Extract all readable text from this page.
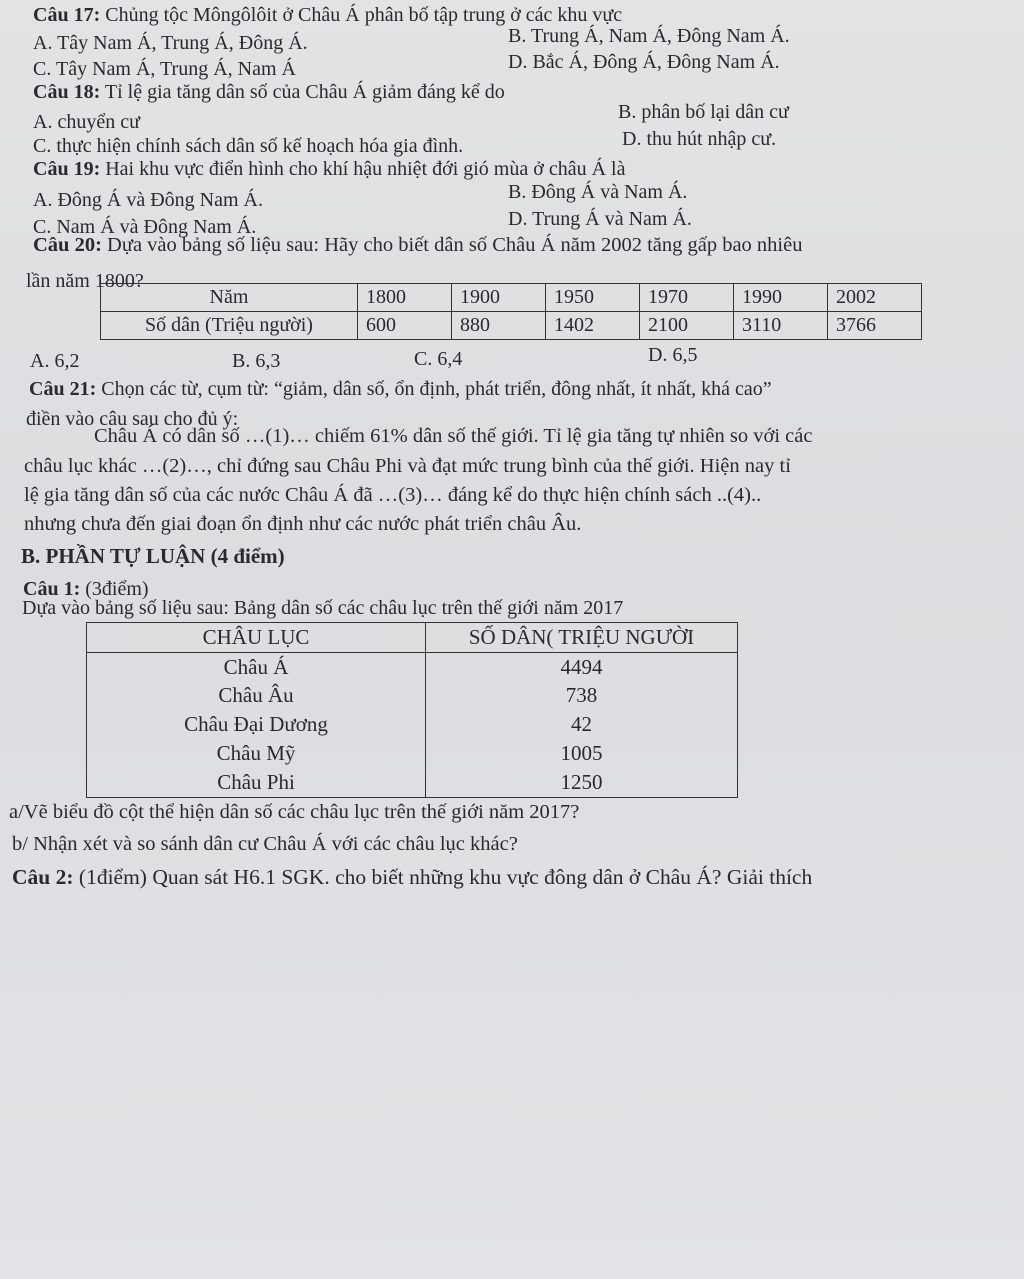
Câu 17: Chủng tộc Môngôlôit ở Châu Á phân bố tập trung ở các khu vực
A. Tây Nam Á, Trung Á, Đông Á.	B. Trung Á, Nam Á, Đông Nam Á.
C. Tây Nam Á, Trung Á, Nam Á	D. Bắc Á, Đông Á, Đông Nam Á.
Câu 18: Tỉ lệ gia tăng dân số của Châu Á giảm đáng kể do
A. chuyển cư	B. phân bố lại dân cư
C. thực hiện chính sách dân số kế hoạch hóa gia đình.	D. thu hút nhập cư.
Câu 19: Hai khu vực điển hình cho khí hậu nhiệt đới gió mùa ở châu Á là
A. Đông Á và Đông Nam Á.	B. Đông Á và Nam Á.
C. Nam Á và Đông Nam Á.	D. Trung Á và Nam Á.
Câu 20: Dựa vào bảng số liệu sau: Hãy cho biết dân số Châu Á năm 2002 tăng gấp bao nhiêu
lần năm 1800?
Năm	1800	1900	1950	1970	1990	2002
Số dân (Triệu người)	600	880	1402	2100	3110	3766
A. 6,2	B. 6,3	C. 6,4	D. 6,5
Câu 21: Chọn các từ, cụm từ: “giảm, dân số, ổn định, phát triển, đông nhất, ít nhất, khá cao”
điền vào câu sau cho đủ ý:
Châu Á có dân số …(1)… chiếm 61% dân số thế giới. Tỉ lệ gia tăng tự nhiên so với các
châu lục khác …(2)…, chỉ đứng sau Châu Phi và đạt mức trung bình của thế giới. Hiện nay tỉ
lệ gia tăng dân số của các nước Châu Á đã …(3)… đáng kể do thực hiện chính sách ..(4)..
nhưng chưa đến giai đoạn ổn định như các nước phát triển châu Âu.
B. PHẦN TỰ LUẬN (4 điểm)
Câu 1: (3điểm)
Dựa vào bảng số liệu sau: Bảng dân số các châu lục trên thế giới năm 2017
CHÂU LỤC	SỐ DÂN( TRIỆU NGƯỜI
Châu Á	4494
Châu Âu	738
Châu Đại Dương	42
Châu Mỹ	1005
Châu Phi	1250
a/Vẽ biểu đồ cột thể hiện dân số các châu lục trên thế giới năm 2017?
b/ Nhận xét và so sánh dân cư Châu Á với các châu lục khác?
Câu 2: (1điểm) Quan sát H6.1 SGK. cho biết những khu vực đông dân ở Châu Á? Giải thích
